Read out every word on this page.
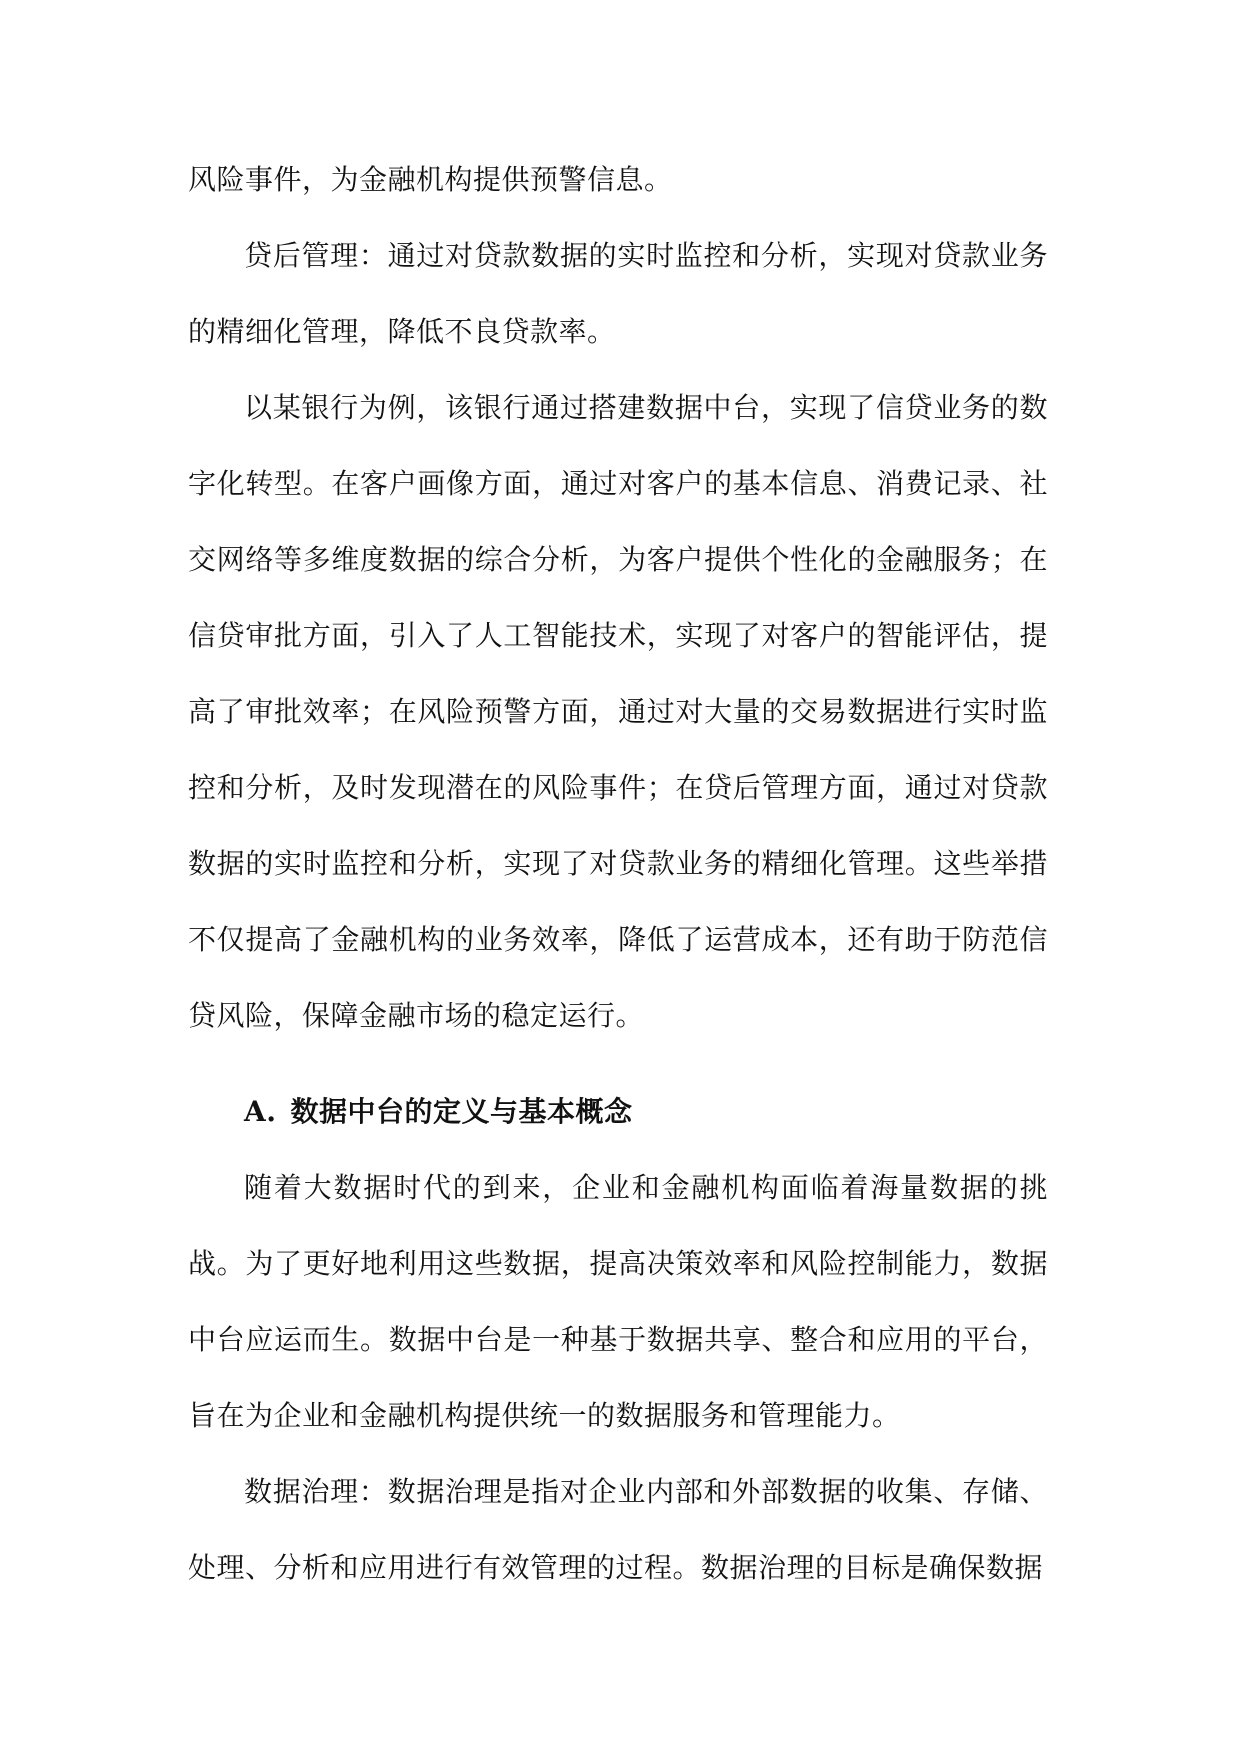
风险事件，为金融机构提供预警信息。

贷后管理：通过对贷款数据的实时监控和分析，实现对贷款业务的精细化管理，降低不良贷款率。

以某银行为例，该银行通过搭建数据中台，实现了信贷业务的数字化转型。在客户画像方面，通过对客户的基本信息、消费记录、社交网络等多维度数据的综合分析，为客户提供个性化的金融服务；在信贷审批方面，引入了人工智能技术，实现了对客户的智能评估，提高了审批效率；在风险预警方面，通过对大量的交易数据进行实时监控和分析，及时发现潜在的风险事件；在贷后管理方面，通过对贷款数据的实时监控和分析，实现了对贷款业务的精细化管理。这些举措不仅提高了金融机构的业务效率，降低了运营成本，还有助于防范信贷风险，保障金融市场的稳定运行。

A. 数据中台的定义与基本概念

随着大数据时代的到来，企业和金融机构面临着海量数据的挑战。为了更好地利用这些数据，提高决策效率和风险控制能力，数据中台应运而生。数据中台是一种基于数据共享、整合和应用的平台，旨在为企业和金融机构提供统一的数据服务和管理能力。

数据治理：数据治理是指对企业内部和外部数据的收集、存储、处理、分析和应用进行有效管理的过程。数据治理的目标是确保数据
